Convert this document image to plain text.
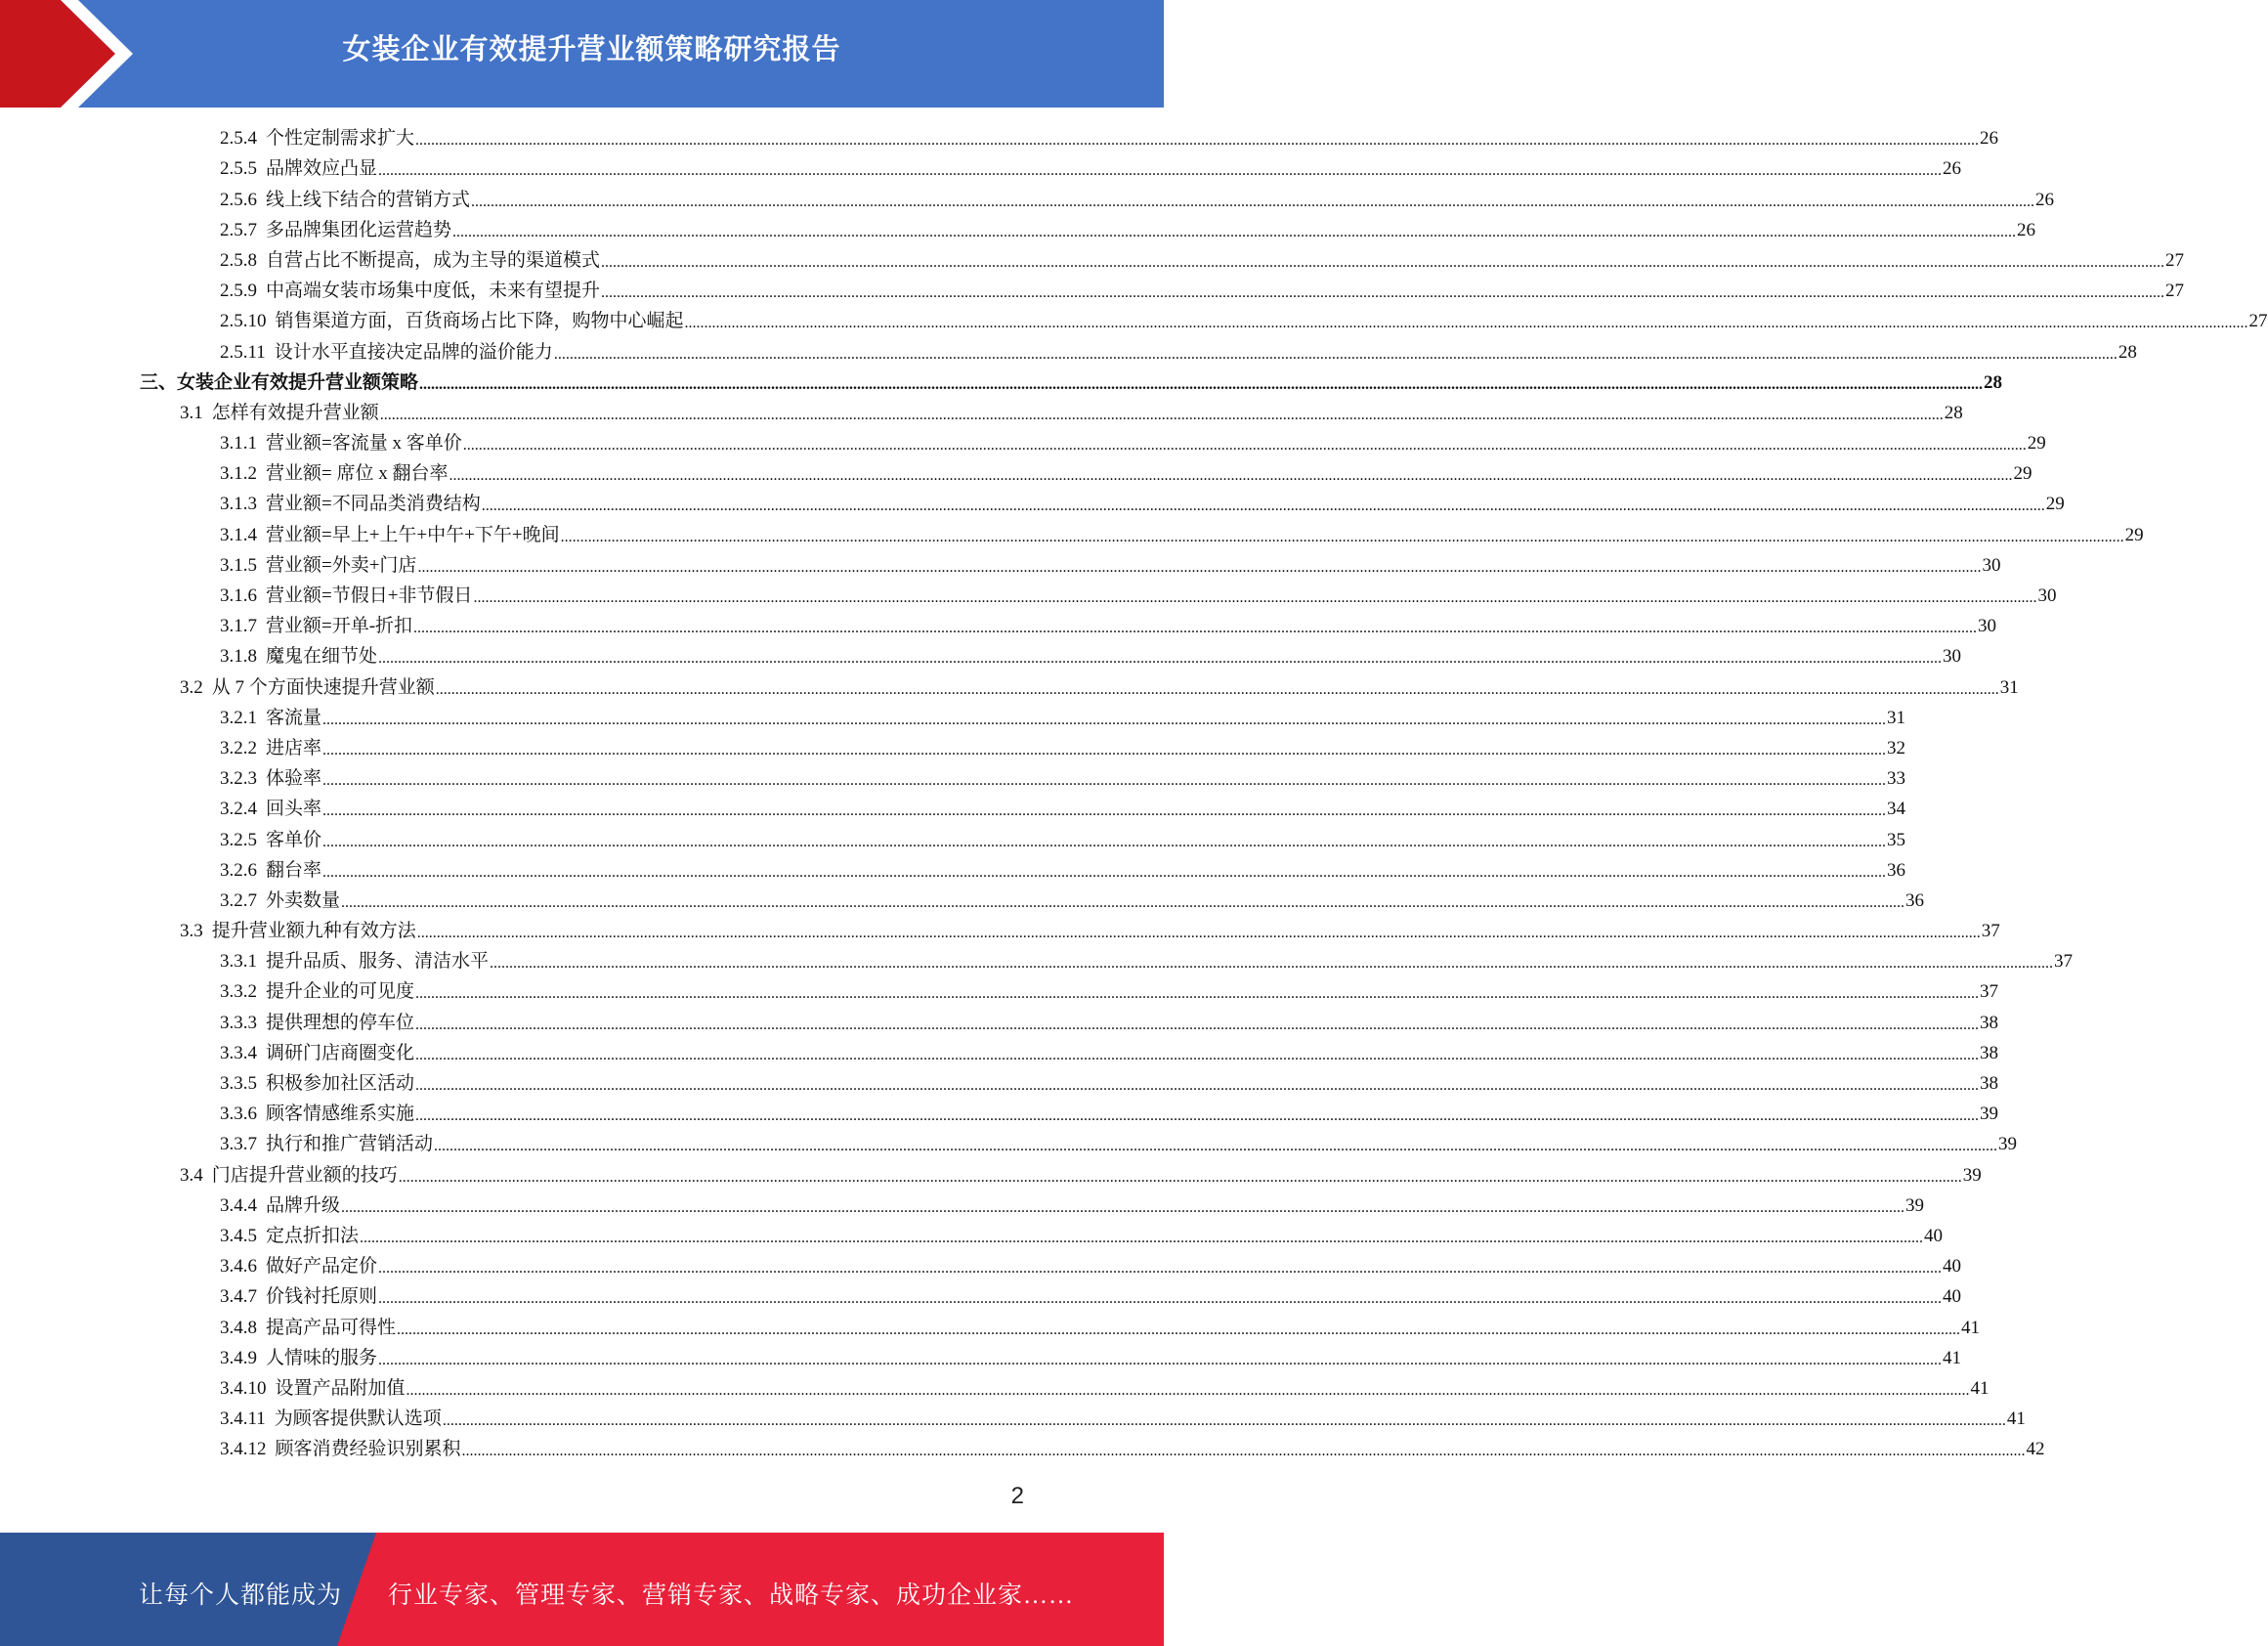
女装企业有效提升营业额策略研究报告
2.5.4 个性定制需求扩大 ................................................................................................................................................................................................................................................................................................................................................................................................................ 26
2.5.5 品牌效应凸显 ................................................................................................................................................................................................................................................................................................................................................................................................................ 26
2.5.6 线上线下结合的营销方式 ................................................................................................................................................................................................................................................................................................................................................................................................................ 26
2.5.7 多品牌集团化运营趋势 ................................................................................................................................................................................................................................................................................................................................................................................................................ 26
2.5.8 自营占比不断提高，成为主导的渠道模式 ................................................................................................................................................................................................................................................................................................................................................................................................................ 27
2.5.9 中高端女装市场集中度低，未来有望提升 ................................................................................................................................................................................................................................................................................................................................................................................................................ 27
2.5.10 销售渠道方面，百货商场占比下降，购物中心崛起 ................................................................................................................................................................................................................................................................................................................................................................................................................ 27
2.5.11 设计水平直接决定品牌的溢价能力 ................................................................................................................................................................................................................................................................................................................................................................................................................ 28
三、女装企业有效提升营业额策略 ................................................................................................................................................................................................................................................................................................................................................................................................................ 28
3.1 怎样有效提升营业额 ................................................................................................................................................................................................................................................................................................................................................................................................................ 28
3.1.1 营业额=客流量 x 客单价 ................................................................................................................................................................................................................................................................................................................................................................................................................ 29
3.1.2 营业额= 席位 x 翻台率 ................................................................................................................................................................................................................................................................................................................................................................................................................ 29
3.1.3 营业额=不同品类消费结构 ................................................................................................................................................................................................................................................................................................................................................................................................................ 29
3.1.4 营业额=早上+上午+中午+下午+晚间 ................................................................................................................................................................................................................................................................................................................................................................................................................ 29
3.1.5 营业额=外卖+门店 ................................................................................................................................................................................................................................................................................................................................................................................................................ 30
3.1.6 营业额=节假日+非节假日 ................................................................................................................................................................................................................................................................................................................................................................................................................ 30
3.1.7 营业额=开单-折扣 ................................................................................................................................................................................................................................................................................................................................................................................................................ 30
3.1.8 魔鬼在细节处 ................................................................................................................................................................................................................................................................................................................................................................................................................ 30
3.2 从 7 个方面快速提升营业额 ................................................................................................................................................................................................................................................................................................................................................................................................................ 31
3.2.1 客流量 ................................................................................................................................................................................................................................................................................................................................................................................................................ 31
3.2.2 进店率 ................................................................................................................................................................................................................................................................................................................................................................................................................ 32
3.2.3 体验率 ................................................................................................................................................................................................................................................................................................................................................................................................................ 33
3.2.4 回头率 ................................................................................................................................................................................................................................................................................................................................................................................................................ 34
3.2.5 客单价 ................................................................................................................................................................................................................................................................................................................................................................................................................ 35
3.2.6 翻台率 ................................................................................................................................................................................................................................................................................................................................................................................................................ 36
3.2.7 外卖数量 ................................................................................................................................................................................................................................................................................................................................................................................................................ 36
3.3 提升营业额九种有效方法 ................................................................................................................................................................................................................................................................................................................................................................................................................ 37
3.3.1 提升品质、服务、清洁水平 ................................................................................................................................................................................................................................................................................................................................................................................................................ 37
3.3.2 提升企业的可见度 ................................................................................................................................................................................................................................................................................................................................................................................................................ 37
3.3.3 提供理想的停车位 ................................................................................................................................................................................................................................................................................................................................................................................................................ 38
3.3.4 调研门店商圈变化 ................................................................................................................................................................................................................................................................................................................................................................................................................ 38
3.3.5 积极参加社区活动 ................................................................................................................................................................................................................................................................................................................................................................................................................ 38
3.3.6 顾客情感维系实施 ................................................................................................................................................................................................................................................................................................................................................................................................................ 39
3.3.7 执行和推广营销活动 ................................................................................................................................................................................................................................................................................................................................................................................................................ 39
3.4 门店提升营业额的技巧 ................................................................................................................................................................................................................................................................................................................................................................................................................ 39
3.4.4 品牌升级 ................................................................................................................................................................................................................................................................................................................................................................................................................ 39
3.4.5 定点折扣法 ................................................................................................................................................................................................................................................................................................................................................................................................................ 40
3.4.6 做好产品定价 ................................................................................................................................................................................................................................................................................................................................................................................................................ 40
3.4.7 价钱衬托原则 ................................................................................................................................................................................................................................................................................................................................................................................................................ 40
3.4.8 提高产品可得性 ................................................................................................................................................................................................................................................................................................................................................................................................................ 41
3.4.9 人情味的服务 ................................................................................................................................................................................................................................................................................................................................................................................................................ 41
3.4.10 设置产品附加值 ................................................................................................................................................................................................................................................................................................................................................................................................................ 41
3.4.11 为顾客提供默认选项 ................................................................................................................................................................................................................................................................................................................................................................................................................ 41
3.4.12 顾客消费经验识别累积 ................................................................................................................................................................................................................................................................................................................................................................................................................ 42
2
让每个人都能成为 行业专家、管理专家、营销专家、战略专家、成功企业家……
